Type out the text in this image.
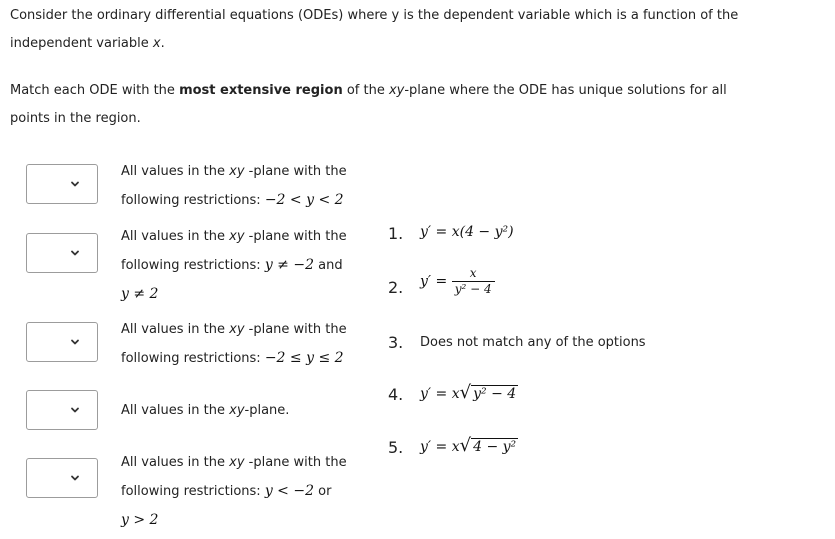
Consider the ordinary differential equations (ODEs) where y is the dependent variable which is a function of the
independent variable x.
Match each ODE with the most extensive region of the xy-plane where the ODE has unique solutions for all
points in the region.
All values in the xy -plane with the
following restrictions: −2 < y < 2
All values in the xy -plane with the
following restrictions: y ≠ −2 and
y ≠ 2
All values in the xy -plane with the
following restrictions: −2 ≤ y ≤ 2
All values in the xy-plane.
All values in the xy -plane with the
following restrictions: y < −2 or
y > 2
1. y′ = x(4 − y²)
2. $y' = \frac{x}{\text{y² − 4}}$
3. Does not match any of the options
4. y′ = x√ y² − 4
5. y′ = x√ 4 − y²
